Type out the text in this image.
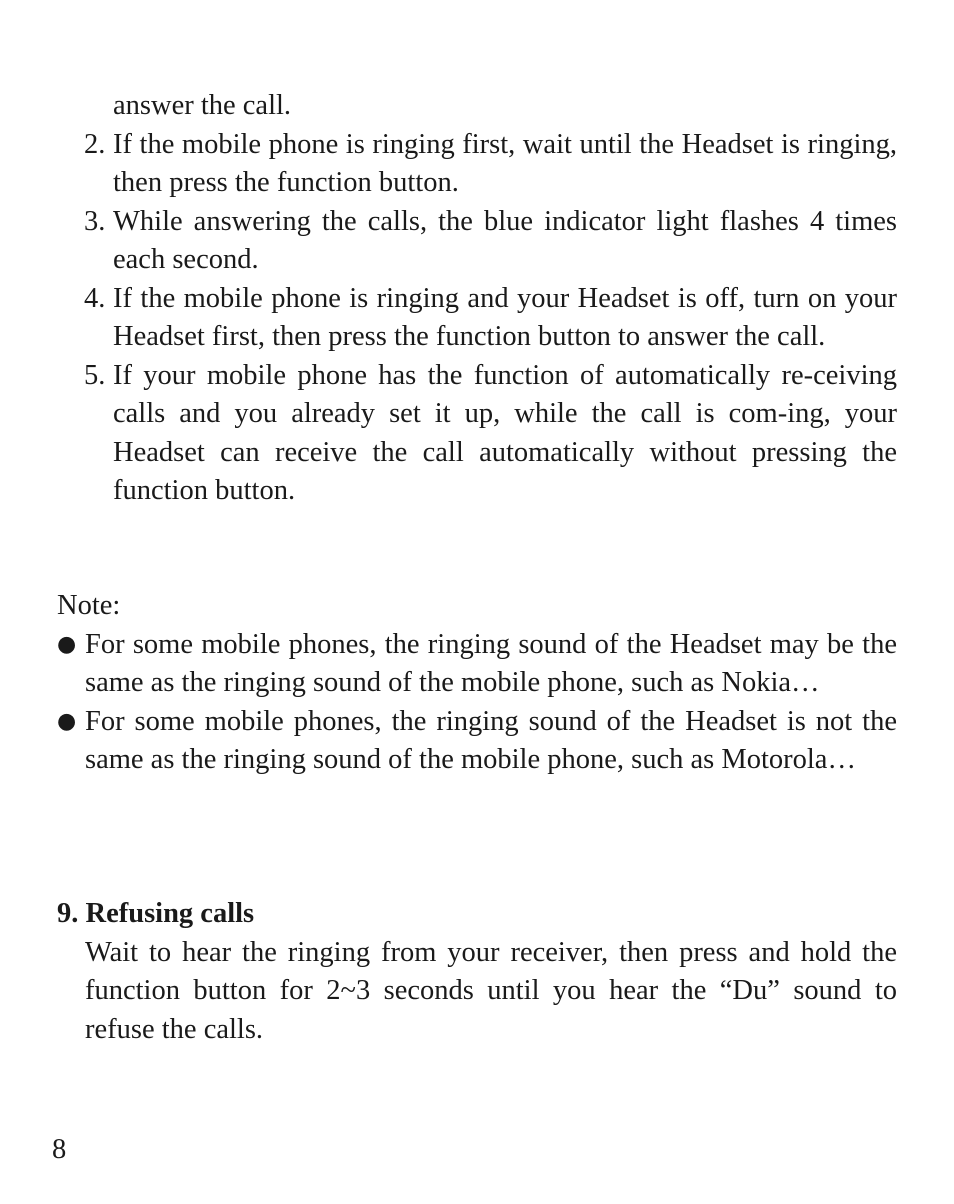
answer the call.

2. If the mobile phone is ringing first, wait until the Headset is ringing, then press the function button.
3. While answering the calls, the blue indicator light flashes 4 times each second.
4. If the mobile phone is ringing and your Headset is off, turn on your Headset first, then press the function button to answer the call.
5. If your mobile phone has the function of automatically re-ceiving calls and you already set it up, while the call is com-ing, your Headset can receive the call automatically without pressing the function button.

Note:

● For some mobile phones, the ringing sound of the Headset may be the same as the ringing sound of the mobile phone, such as Nokia…
● For some mobile phones, the ringing sound of the Headset is not the same as the ringing sound of the mobile phone, such as Motorola…

9. Refusing calls

Wait to hear the ringing from your receiver, then press and hold the function button for 2~3 seconds until you hear the “Du” sound to refuse the calls.

8
